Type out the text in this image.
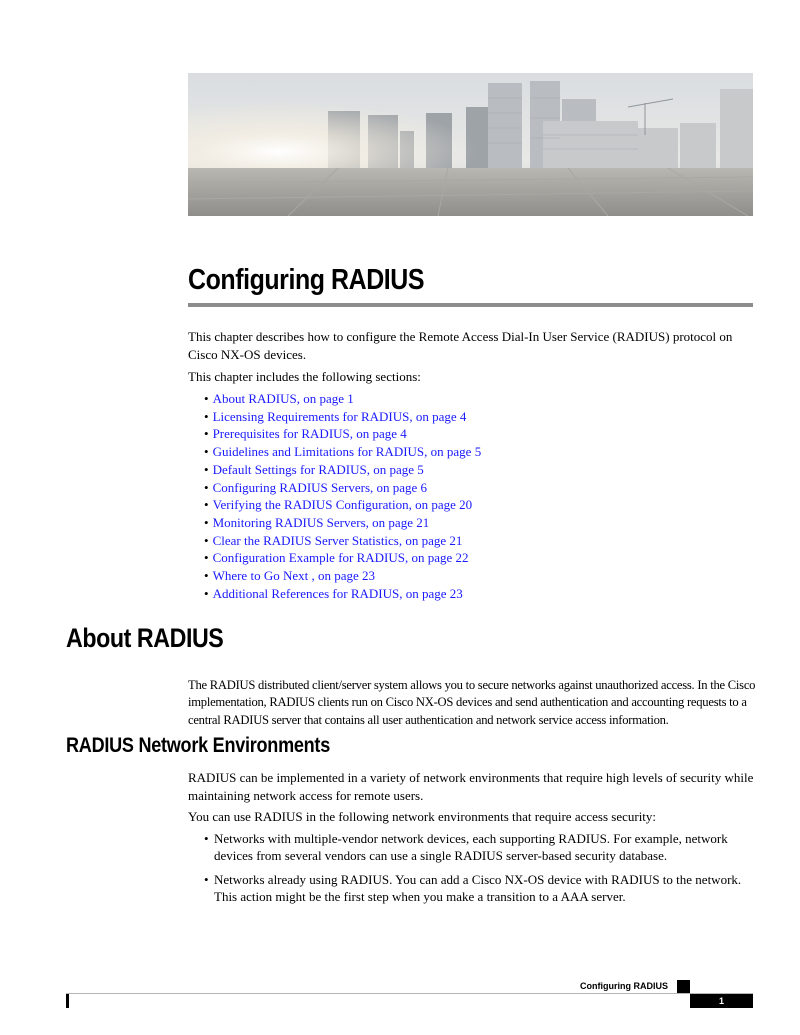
Configuring RADIUS

This chapter describes how to configure the Remote Access Dial-In User Service (RADIUS) protocol on Cisco NX-OS devices.

This chapter includes the following sections:

• About RADIUS, on page 1
• Licensing Requirements for RADIUS, on page 4
• Prerequisites for RADIUS, on page 4
• Guidelines and Limitations for RADIUS, on page 5
• Default Settings for RADIUS, on page 5
• Configuring RADIUS Servers, on page 6
• Verifying the RADIUS Configuration, on page 20
• Monitoring RADIUS Servers, on page 21
• Clear the RADIUS Server Statistics, on page 21
• Configuration Example for RADIUS, on page 22
• Where to Go Next , on page 23
• Additional References for RADIUS, on page 23
About RADIUS

The RADIUS distributed client/server system allows you to secure networks against unauthorized access. In the Cisco implementation, RADIUS clients run on Cisco NX-OS devices and send authentication and accounting requests to a central RADIUS server that contains all user authentication and network service access information.

RADIUS Network Environments

RADIUS can be implemented in a variety of network environments that require high levels of security while maintaining network access for remote users.

You can use RADIUS in the following network environments that require access security:

• Networks with multiple-vendor network devices, each supporting RADIUS. For example, network devices from several vendors can use a single RADIUS server-based security database.
• Networks already using RADIUS. You can add a Cisco NX-OS device with RADIUS to the network. This action might be the first step when you make a transition to a AAA server.
Configuring RADIUS
1
